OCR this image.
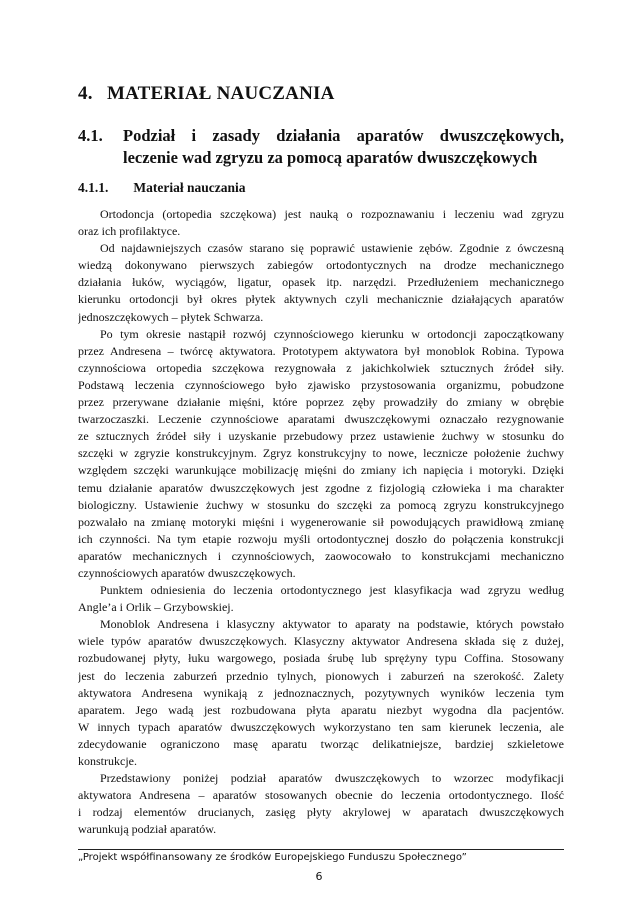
4. MATERIAŁ NAUCZANIA
4.1. Podział i zasady działania aparatów dwuszczękowych,
leczenie wad zgryzu za pomocą aparatów dwuszczękowych
4.1.1. Materiał nauczania
Ortodoncja (ortopedia szczękowa) jest nauką o rozpoznawaniu i leczeniu wad zgryzu
oraz ich profilaktyce.
Od najdawniejszych czasów starano się poprawić ustawienie zębów. Zgodnie z ówczesną
wiedzą dokonywano pierwszych zabiegów ortodontycznych na drodze mechanicznego
działania łuków, wyciągów, ligatur, opasek itp. narzędzi. Przedłużeniem mechanicznego
kierunku ortodoncji był okres płytek aktywnych czyli mechanicznie działających aparatów
jednoszczękowych – płytek Schwarza.
Po tym okresie nastąpił rozwój czynnościowego kierunku w ortodoncji zapoczątkowany
przez Andresena – twórcę aktywatora. Prototypem aktywatora był monoblok Robina. Typowa
czynnościowa ortopedia szczękowa rezygnowała z jakichkolwiek sztucznych źródeł siły.
Podstawą leczenia czynnościowego było zjawisko przystosowania organizmu, pobudzone
przez przerywane działanie mięśni, które poprzez zęby prowadziły do zmiany w obrębie
twarzoczaszki. Leczenie czynnościowe aparatami dwuszczękowymi oznaczało rezygnowanie
ze sztucznych źródeł siły i uzyskanie przebudowy przez ustawienie żuchwy w stosunku do
szczęki w zgryzie konstrukcyjnym. Zgryz konstrukcyjny to nowe, lecznicze położenie żuchwy
względem szczęki warunkujące mobilizację mięśni do zmiany ich napięcia i motoryki. Dzięki
temu działanie aparatów dwuszczękowych jest zgodne z fizjologią człowieka i ma charakter
biologiczny. Ustawienie żuchwy w stosunku do szczęki za pomocą zgryzu konstrukcyjnego
pozwalało na zmianę motoryki mięśni i wygenerowanie sił powodujących prawidłową zmianę
ich czynności. Na tym etapie rozwoju myśli ortodontycznej doszło do połączenia konstrukcji
aparatów mechanicznych i czynnościowych, zaowocowało to konstrukcjami mechaniczno
czynnościowych aparatów dwuszczękowych.
Punktem odniesienia do leczenia ortodontycznego jest klasyfikacja wad zgryzu według
Angle’a i Orlik – Grzybowskiej.
Monoblok Andresena i klasyczny aktywator to aparaty na podstawie, których powstało
wiele typów aparatów dwuszczękowych. Klasyczny aktywator Andresena składa się z dużej,
rozbudowanej płyty, łuku wargowego, posiada śrubę lub sprężyny typu Coffina. Stosowany
jest do leczenia zaburzeń przednio tylnych, pionowych i zaburzeń na szerokość. Zalety
aktywatora Andresena wynikają z jednoznacznych, pozytywnych wyników leczenia tym
aparatem. Jego wadą jest rozbudowana płyta aparatu niezbyt wygodna dla pacjentów.
W innych typach aparatów dwuszczękowych wykorzystano ten sam kierunek leczenia, ale
zdecydowanie ograniczono masę aparatu tworząc delikatniejsze, bardziej szkieletowe
konstrukcje.
Przedstawiony poniżej podział aparatów dwuszczękowych to wzorzec modyfikacji
aktywatora Andresena – aparatów stosowanych obecnie do leczenia ortodontycznego. Ilość
i rodzaj elementów drucianych, zasięg płyty akrylowej w aparatach dwuszczękowych
warunkują podział aparatów.
„Projekt współfinansowany ze środków Europejskiego Funduszu Społecznego”
6
